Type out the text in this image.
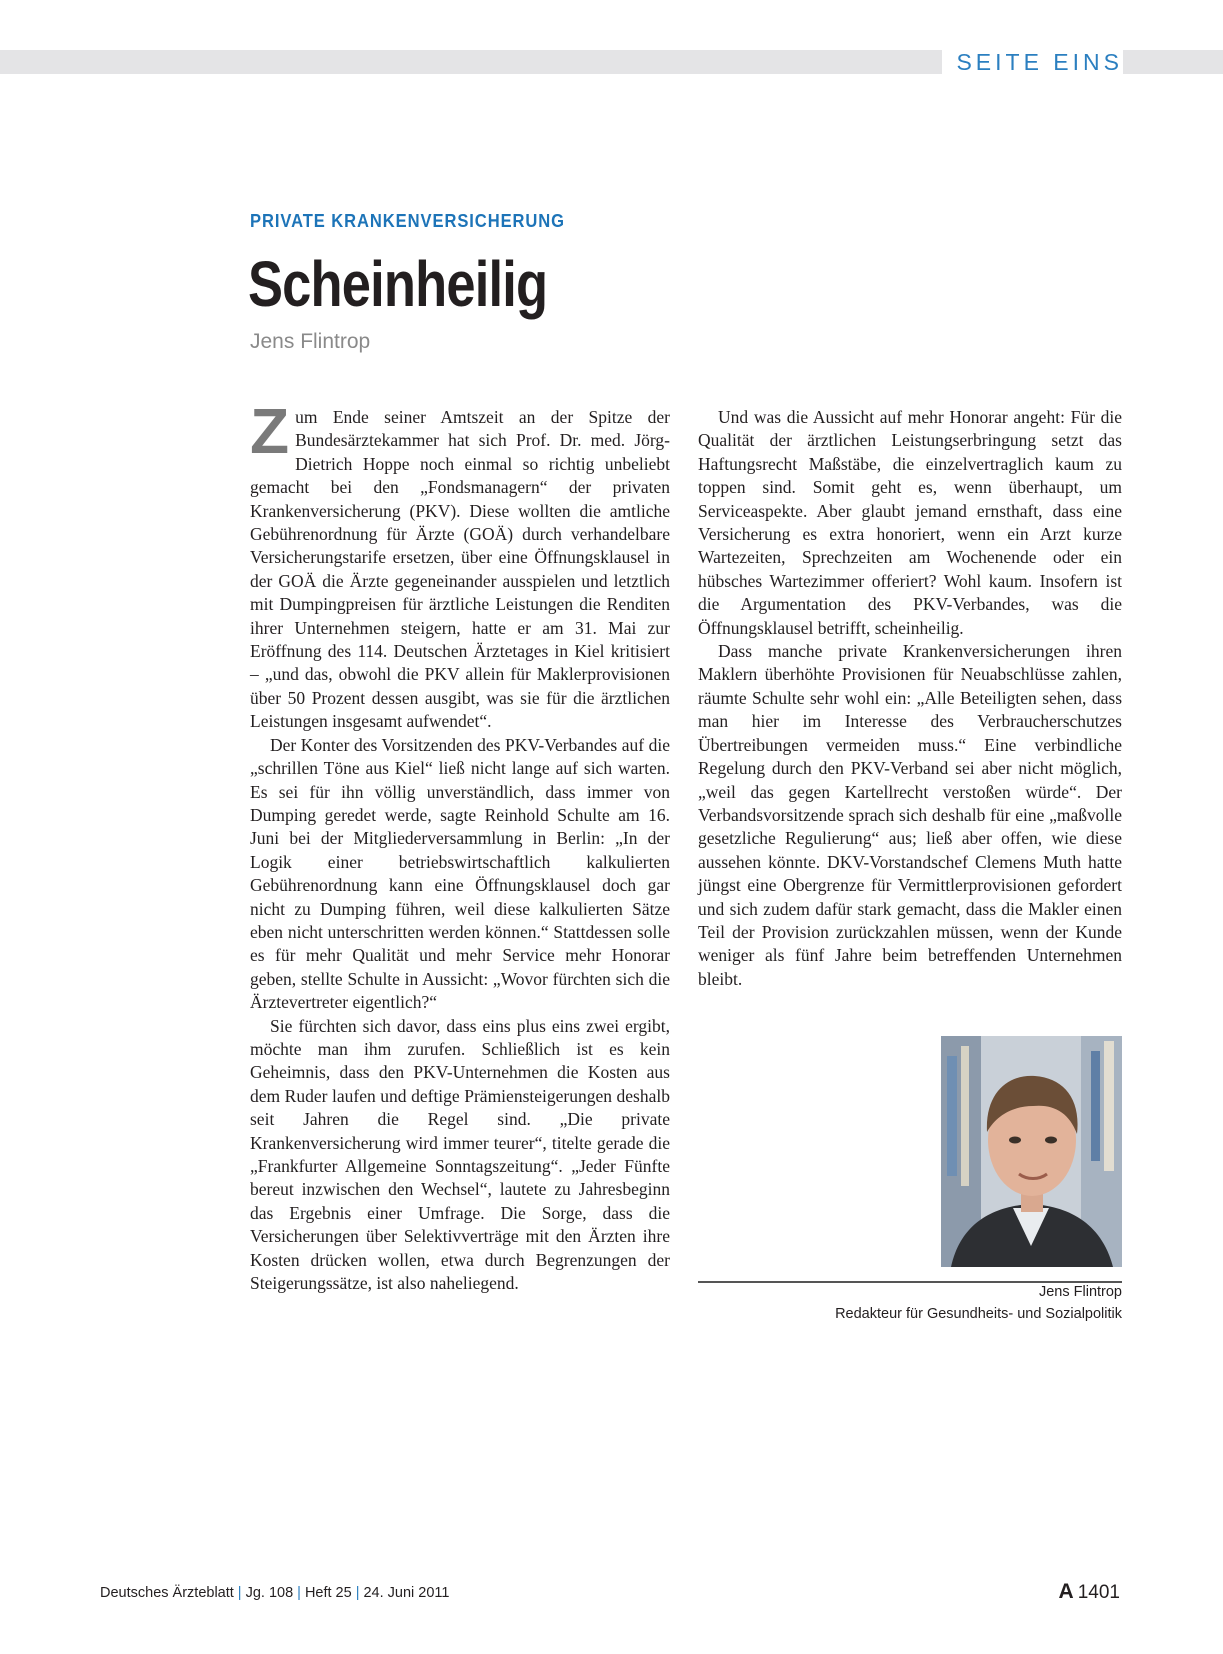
SEITE EINS
PRIVATE KRANKENVERSICHERUNG
Scheinheilig
Jens Flintrop

Zum Ende seiner Amtszeit an der Spitze der Bundesärztekammer hat sich Prof. Dr. med. Jörg-Dietrich Hoppe noch einmal so richtig unbeliebt gemacht bei den „Fondsmanagern“ der privaten Krankenversicherung (PKV). Diese wollten die amtliche Gebührenordnung für Ärzte (GOÄ) durch verhandelbare Versicherungstarife ersetzen, über eine Öffnungsklausel in der GOÄ die Ärzte gegeneinander ausspielen und letztlich mit Dumpingpreisen für ärztliche Leistungen die Renditen ihrer Unternehmen steigern, hatte er am 31. Mai zur Eröffnung des 114. Deutschen Ärztetages in Kiel kritisiert – „und das, obwohl die PKV allein für Maklerprovisionen über 50 Prozent dessen ausgibt, was sie für die ärztlichen Leistungen insgesamt aufwendet“.

Der Konter des Vorsitzenden des PKV-Verbandes auf die „schrillen Töne aus Kiel“ ließ nicht lange auf sich warten. Es sei für ihn völlig unverständlich, dass immer von Dumping geredet werde, sagte Reinhold Schulte am 16. Juni bei der Mitgliederversammlung in Berlin: „In der Logik einer betriebswirtschaftlich kalkulierten Gebührenordnung kann eine Öffnungsklausel doch gar nicht zu Dumping führen, weil diese kalkulierten Sätze eben nicht unterschritten werden können.“ Stattdessen solle es für mehr Qualität und mehr Service mehr Honorar geben, stellte Schulte in Aussicht: „Wovor fürchten sich die Ärztevertreter eigentlich?“

Sie fürchten sich davor, dass eins plus eins zwei ergibt, möchte man ihm zurufen. Schließlich ist es kein Geheimnis, dass den PKV-Unternehmen die Kosten aus dem Ruder laufen und deftige Prämiensteigerungen deshalb seit Jahren die Regel sind. „Die private Krankenversicherung wird immer teurer“, titelte gerade die „Frankfurter Allgemeine Sonntagszeitung“. „Jeder Fünfte bereut inzwischen den Wechsel“, lautete zu Jahresbeginn das Ergebnis einer Umfrage. Die Sorge, dass die Versicherungen über Selektivverträge mit den Ärzten ihre Kosten drücken wollen, etwa durch Begrenzungen der Steigerungssätze, ist also naheliegend.

Und was die Aussicht auf mehr Honorar angeht: Für die Qualität der ärztlichen Leistungserbringung setzt das Haftungsrecht Maßstäbe, die einzelvertraglich kaum zu toppen sind. Somit geht es, wenn überhaupt, um Serviceaspekte. Aber glaubt jemand ernsthaft, dass eine Versicherung es extra honoriert, wenn ein Arzt kurze Wartezeiten, Sprechzeiten am Wochenende oder ein hübsches Wartezimmer offeriert? Wohl kaum. Insofern ist die Argumentation des PKV-Verbandes, was die Öffnungsklausel betrifft, scheinheilig.

Dass manche private Krankenversicherungen ihren Maklern überhöhte Provisionen für Neuabschlüsse zahlen, räumte Schulte sehr wohl ein: „Alle Beteiligten sehen, dass man hier im Interesse des Verbraucherschutzes Übertreibungen vermeiden muss.“ Eine verbindliche Regelung durch den PKV-Verband sei aber nicht möglich, „weil das gegen Kartellrecht verstoßen würde“. Der Verbandsvorsitzende sprach sich deshalb für eine „maßvolle gesetzliche Regulierung“ aus; ließ aber offen, wie diese aussehen könnte. DKV-Vorstandschef Clemens Muth hatte jüngst eine Obergrenze für Vermittlerprovisionen gefordert und sich zudem dafür stark gemacht, dass die Makler einen Teil der Provision zurückzahlen müssen, wenn der Kunde weniger als fünf Jahre beim betreffenden Unternehmen bleibt.

Jens Flintrop
Redakteur für Gesundheits- und Sozialpolitik
Deutsches Ärzteblatt | Jg. 108 | Heft 25 | 24. Juni 2011	A 1401
